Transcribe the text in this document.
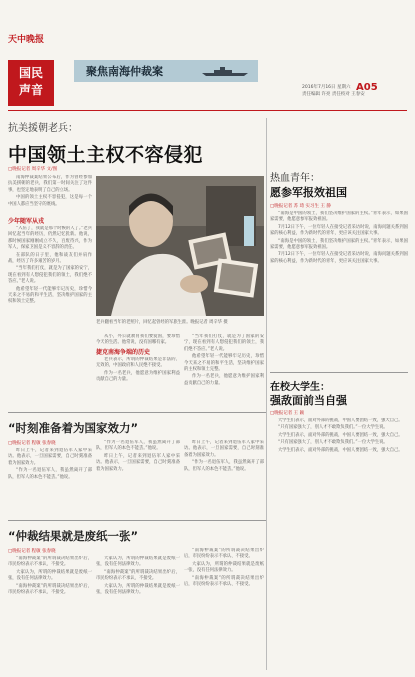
天中晚报
国民
声音
聚焦南海仲裁案
A05
2016年7月16日 星期六
责任编辑 许亮 责任校对 王春安
抗美援朝老兵：
中国领土主权不容侵犯
□晚报记者 周辛华 文/图

南海仲裁案结果公布后，作为曾经参加抗美援朝的老兵，我们第一时间关注了这件事，也坚定地表明了自己的立场。

中国的领土主权不容侵犯，这是每一个中国人都应当坚守的底线。

少年随军从戎

“入伍了，我就是那个时候的人了。”老兵回忆起当年的经历，仍然记忆犹新。他说，那时候国家刚刚成立不久，百废待兴，作为军人，保家卫国是义不容辞的责任。

在部队的日子里，他和战友们并肩作战，经历了许多艰苦的岁月。

“当年我们打仗，就是为了国家的安宁，现在看到有人想侵犯我们的领土，我们绝不答应。”老人说。

他希望年轻一代能够牢记历史，珍惜今天来之不易的和平生活，坚决维护国家的主权和领土完整。

老兵翻看当年的老照片，回忆起曾经的军旅生涯。晚报记者 周辛华 摄

从小，外公就教育我们要爱国，要珍惜今天的生活。他常说，没有国哪有家。

捷克南海争端的历史

老兵表示，所谓的仲裁结果是非法的、无效的，中国政府和人民绝不接受。

作为一名老兵，他愿意为维护国家利益贡献自己的力量。

“当年我们打仗，就是为了国家的安宁，现在看到有人想侵犯我们的领土，我们绝不答应。”老人说。

他希望年轻一代能够牢记历史，珍惜今天来之不易的和平生活，坚决维护国家的主权和领土完整。

作为一名老兵，他愿意为维护国家利益贡献自己的力量。

“时刻准备着为国家效力”
□晚报记者 程敏 张春晓

昨日上午，记者来到退伍军人家中采访。他表示，一旦国家需要，自己时刻准备着为国家效力。

“作为一名退伍军人，我虽然离开了部队，但军人的本色不能丢。”他说。

“作为一名退伍军人，我虽然离开了部队，但军人的本色不能丢。”他说。

昨日上午，记者来到退伍军人家中采访。他表示，一旦国家需要，自己时刻准备着为国家效力。

昨日上午，记者来到退伍军人家中采访。他表示，一旦国家需要，自己时刻准备着为国家效力。

“作为一名退伍军人，我虽然离开了部队，但军人的本色不能丢。”他说。

“仲裁结果就是废纸一张”
□晚报记者 程敏 张春晓

“南海仲裁案”的所谓裁决结果出炉后，市民纷纷表示不承认、不接受。

大家认为，所谓的仲裁结果就是废纸一张，没有任何法律效力。

“南海仲裁案”的所谓裁决结果出炉后，市民纷纷表示不承认、不接受。

大家认为，所谓的仲裁结果就是废纸一张，没有任何法律效力。

“南海仲裁案”的所谓裁决结果出炉后，市民纷纷表示不承认、不接受。

大家认为，所谓的仲裁结果就是废纸一张，没有任何法律效力。

“南海仲裁案”的所谓裁决结果出炉后，市民纷纷表示不承认、不接受。

大家认为，所谓的仲裁结果就是废纸一张，没有任何法律效力。

“南海仲裁案”的所谓裁决结果出炉后，市民纷纷表示不承认、不接受。

热血青年：
愿参军报效祖国
□晚报记者 苏 琦 实习生 王 静

“南海是中国的领土，我们坚决维护国家的主权。”青年表示，如果国家需要，他愿意参军报效祖国。

7月12日下午，一位年轻人在接受记者采访时说，南海问题关系到国家的核心利益，作为新时代的青年，更应该关注国家大事。

“南海是中国的领土，我们坚决维护国家的主权。”青年表示，如果国家需要，他愿意参军报效祖国。

7月12日下午，一位年轻人在接受记者采访时说，南海问题关系到国家的核心利益，作为新时代的青年，更应该关注国家大事。

在校大学生：
强敌面前当自强
□晚报记者 王 颖

大学生们表示，面对外部的挑战，中国人要团结一致，强大自己。

“只有国家强大了，别人才不敢欺负我们。”一位大学生说。

大学生们表示，面对外部的挑战，中国人要团结一致，强大自己。

“只有国家强大了，别人才不敢欺负我们。”一位大学生说。

大学生们表示，面对外部的挑战，中国人要团结一致，强大自己。
